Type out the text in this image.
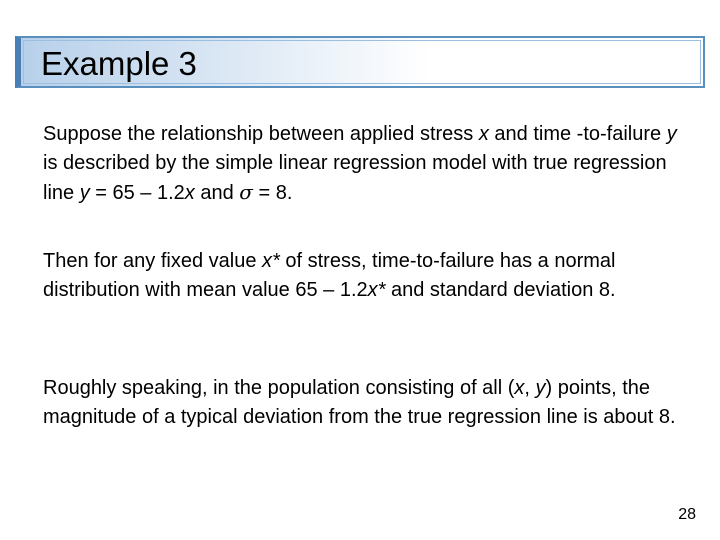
Example 3
Suppose the relationship between applied stress x and time -to-failure y is described by the simple linear regression model with true regression line y = 65 – 1.2x and σ = 8.
Then for any fixed value x* of stress, time-to-failure has a normal distribution with mean value 65 – 1.2x* and standard deviation 8.
Roughly speaking, in the population consisting of all (x, y) points, the magnitude of a typical deviation from the true regression line is about 8.
28
